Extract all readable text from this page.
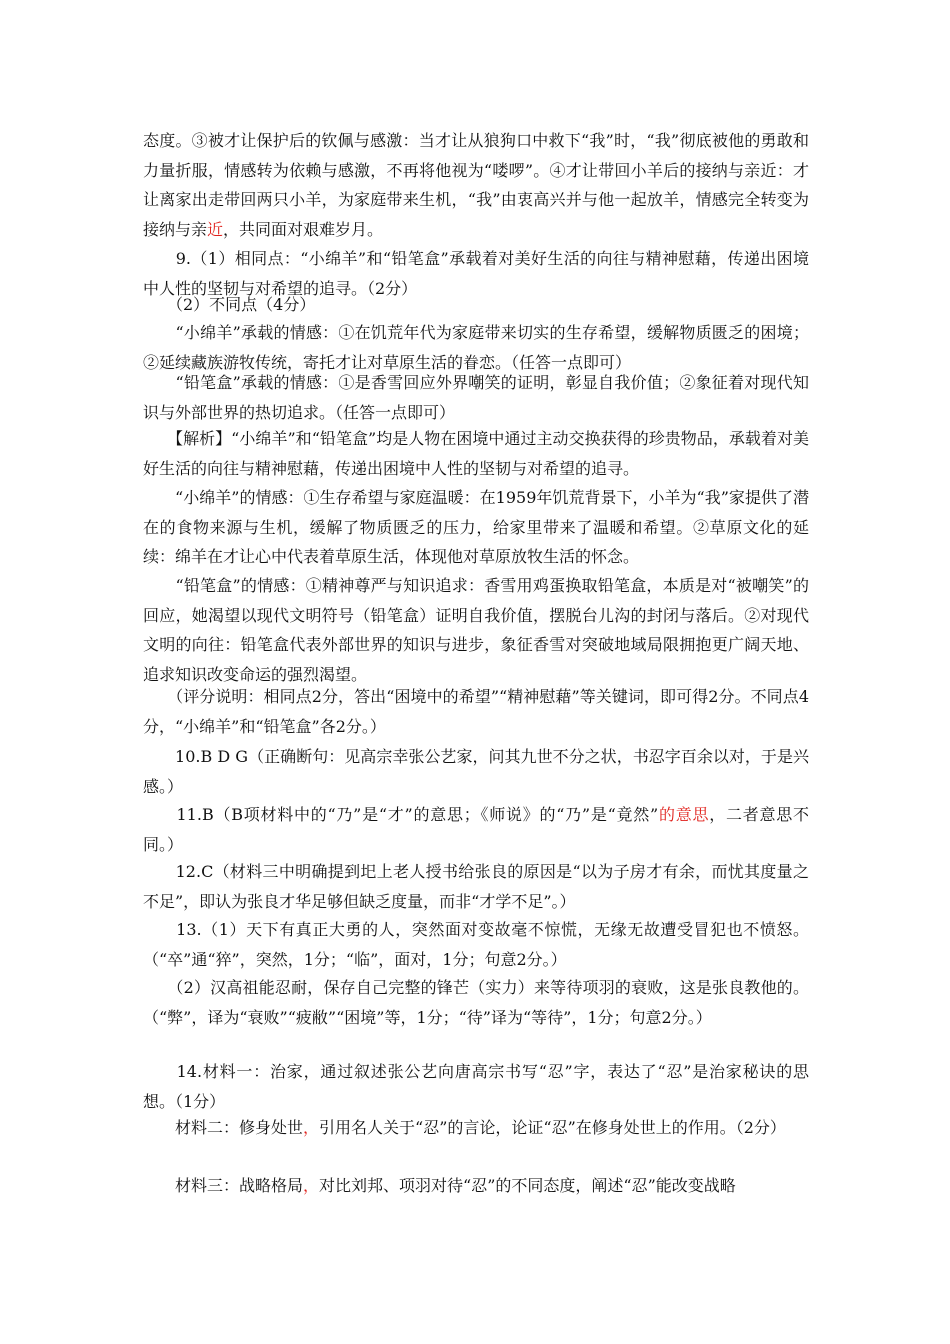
态度。③被才让保护后的钦佩与感激：当才让从狼狗口中救下“我”时，“我”彻底被他的勇敢和力量折服，情感转为依赖与感激，不再将他视为“喽啰”。④才让带回小羊后的接纳与亲近：才让离家出走带回两只小羊，为家庭带来生机，“我”由衷高兴并与他一起放羊，情感完全转变为接纳与亲近，共同面对艰难岁月。

　　9.（1）相同点：“小绵羊”和“铅笔盒”承载着对美好生活的向往与精神慰藉，传递出困境中人性的坚韧与对希望的追寻。（2分）

　　（2）不同点（4分）

　　“小绵羊”承载的情感：①在饥荒年代为家庭带来切实的生存希望，缓解物质匮乏的困境；②延续藏族游牧传统，寄托才让对草原生活的眷恋。（任答一点即可）

　　“铅笔盒”承载的情感：①是香雪回应外界嘲笑的证明，彰显自我价值；②象征着对现代知识与外部世界的热切追求。（任答一点即可）

　　【解析】“小绵羊”和“铅笔盒”均是人物在困境中通过主动交换获得的珍贵物品，承载着对美好生活的向往与精神慰藉，传递出困境中人性的坚韧与对希望的追寻。

　　“小绵羊”的情感：①生存希望与家庭温暖：在1959年饥荒背景下，小羊为“我”家提供了潜在的食物来源与生机，缓解了物质匮乏的压力，给家里带来了温暖和希望。②草原文化的延续：绵羊在才让心中代表着草原生活，体现他对草原放牧生活的怀念。

　　“铅笔盒”的情感：①精神尊严与知识追求：香雪用鸡蛋换取铅笔盒，本质是对“被嘲笑”的回应，她渴望以现代文明符号（铅笔盒）证明自我价值，摆脱台儿沟的封闭与落后。②对现代文明的向往：铅笔盒代表外部世界的知识与进步，象征香雪对突破地域局限拥抱更广阔天地、追求知识改变命运的强烈渴望。

　　（评分说明：相同点2分，答出“困境中的希望”“精神慰藉”等关键词，即可得2分。不同点4分，“小绵羊”和“铅笔盒”各2分。）

　　10.B D G（正确断句：见高宗幸张公艺家，问其九世不分之状，书忍字百余以对，于是兴感。）

　　11.B（B项材料中的“乃”是“才”的意思；《师说》的“乃”是“竟然”的意思，二者意思不同。）

　　12.C（材料三中明确提到圯上老人授书给张良的原因是“以为子房才有余，而忧其度量之不足”，即认为张良才华足够但缺乏度量，而非“才学不足”。）

　　13.（1）天下有真正大勇的人，突然面对变故毫不惊慌，无缘无故遭受冒犯也不愤怒。（“卒”通“猝”，突然，1分；“临”，面对，1分；句意2分。）

　　（2）汉高祖能忍耐，保存自己完整的锋芒（实力）来等待项羽的衰败，这是张良教他的。（“弊”，译为“衰败”“疲敝”“困境”等，1分；“待”译为“等待”，1分；句意2分。）

　　14.材料一：治家，通过叙述张公艺向唐高宗书写“忍”字，表达了“忍”是治家秘诀的思想。（1分）

　　材料二：修身处世，引用名人关于“忍”的言论，论证“忍”在修身处世上的作用。（2分）

　　材料三：战略格局，对比刘邦、项羽对待“忍”的不同态度，阐述“忍”能改变战略
